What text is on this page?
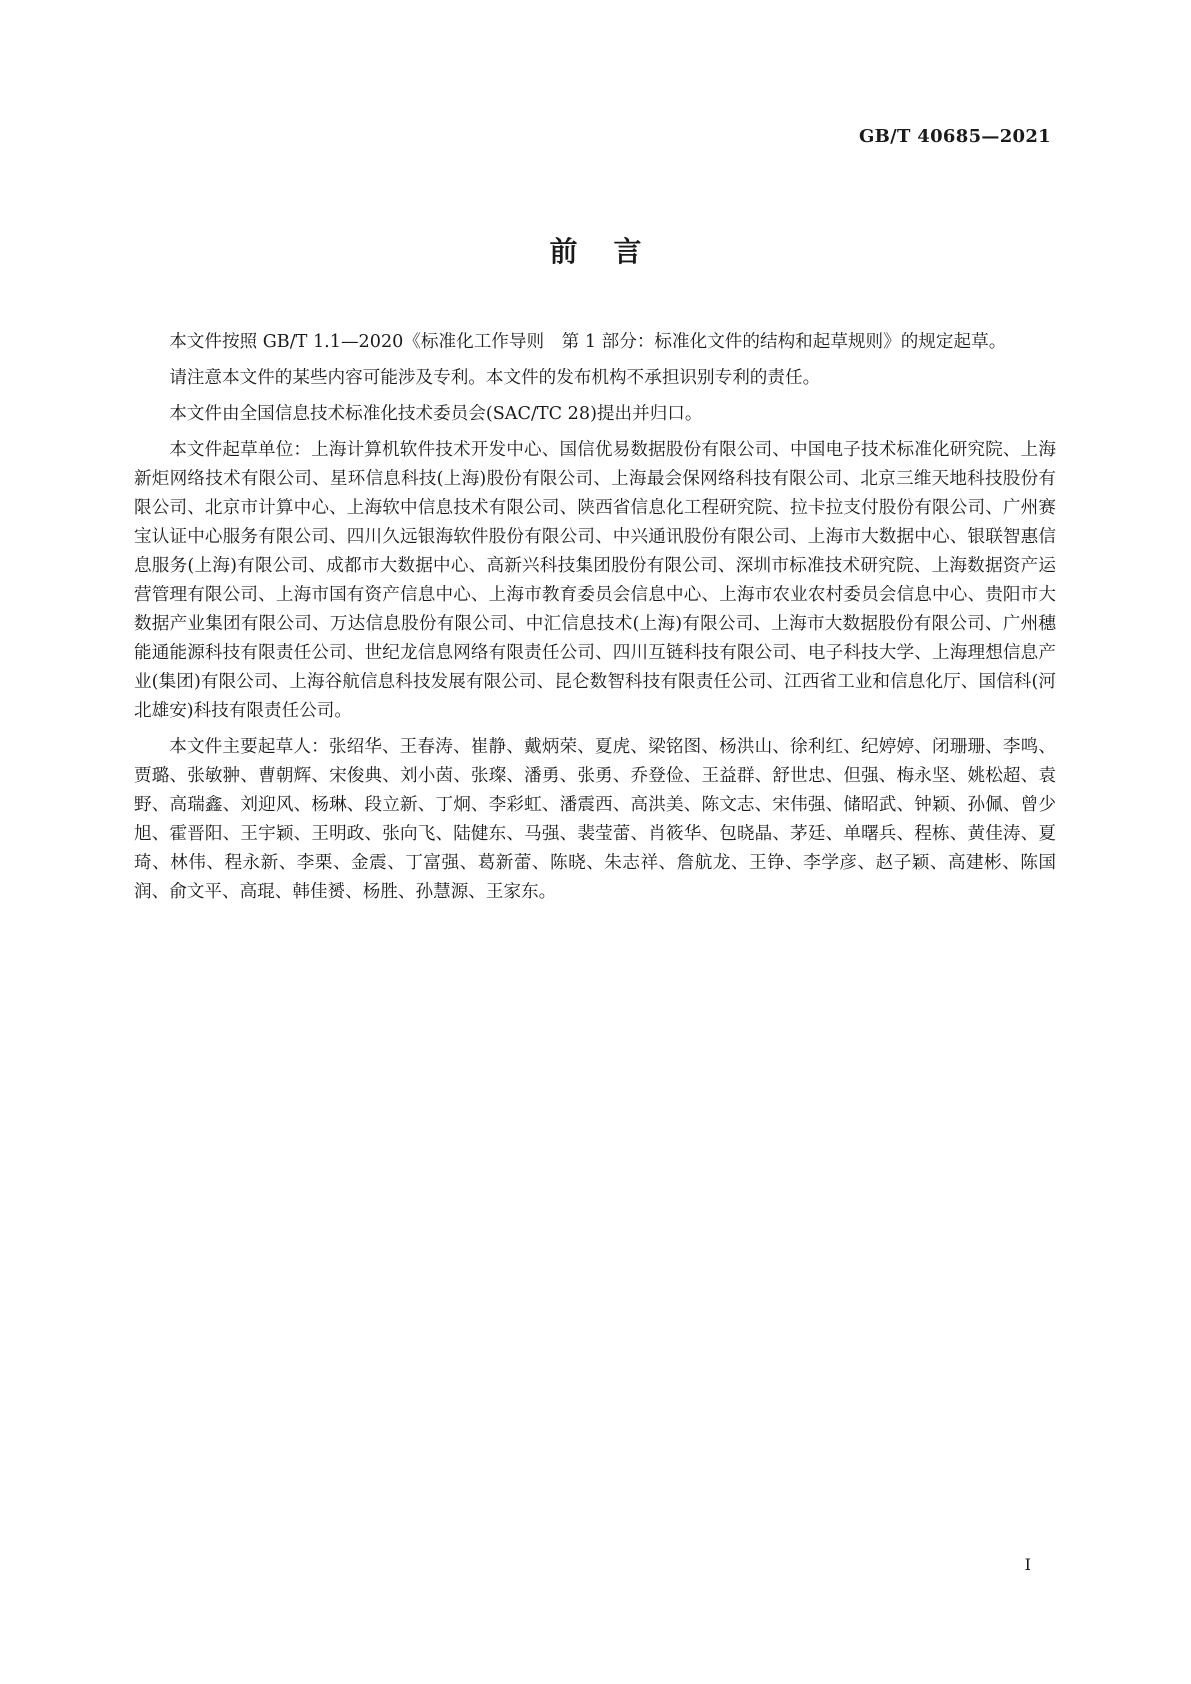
GB/T 40685—2021
前言

本文件按照 GB/T 1.1—2020《标准化工作导则　第 1 部分：标准化文件的结构和起草规则》的规定起草。

请注意本文件的某些内容可能涉及专利。本文件的发布机构不承担识别专利的责任。

本文件由全国信息技术标准化技术委员会(SAC/TC 28)提出并归口。

本文件起草单位：上海计算机软件技术开发中心、国信优易数据股份有限公司、中国电子技术标准化研究院、上海新炬网络技术有限公司、星环信息科技(上海)股份有限公司、上海最会保网络科技有限公司、北京三维天地科技股份有限公司、北京市计算中心、上海软中信息技术有限公司、陕西省信息化工程研究院、拉卡拉支付股份有限公司、广州赛宝认证中心服务有限公司、四川久远银海软件股份有限公司、中兴通讯股份有限公司、上海市大数据中心、银联智惠信息服务(上海)有限公司、成都市大数据中心、高新兴科技集团股份有限公司、深圳市标准技术研究院、上海数据资产运营管理有限公司、上海市国有资产信息中心、上海市教育委员会信息中心、上海市农业农村委员会信息中心、贵阳市大数据产业集团有限公司、万达信息股份有限公司、中汇信息技术(上海)有限公司、上海市大数据股份有限公司、广州穗能通能源科技有限责任公司、世纪龙信息网络有限责任公司、四川互链科技有限公司、电子科技大学、上海理想信息产业(集团)有限公司、上海谷航信息科技发展有限公司、昆仑数智科技有限责任公司、江西省工业和信息化厅、国信科(河北雄安)科技有限责任公司。

本文件主要起草人：张绍华、王春涛、崔静、戴炳荣、夏虎、梁铭图、杨洪山、徐利红、纪婷婷、闭珊珊、李鸣、贾璐、张敏翀、曹朝辉、宋俊典、刘小茵、张璨、潘勇、张勇、乔登俭、王益群、舒世忠、但强、梅永坚、姚松超、袁野、高瑞鑫、刘迎风、杨琳、段立新、丁炯、李彩虹、潘震西、高洪美、陈文志、宋伟强、储昭武、钟颖、孙佩、曾少旭、霍晋阳、王宇颖、王明政、张向飞、陆健东、马强、裴莹蕾、肖筱华、包晓晶、茅廷、单曙兵、程栋、黄佳涛、夏琦、林伟、程永新、李栗、金震、丁富强、葛新蕾、陈晓、朱志祥、詹航龙、王铮、李学彦、赵子颖、高建彬、陈国润、俞文平、高琨、韩佳赟、杨胜、孙慧源、王家东。

I
